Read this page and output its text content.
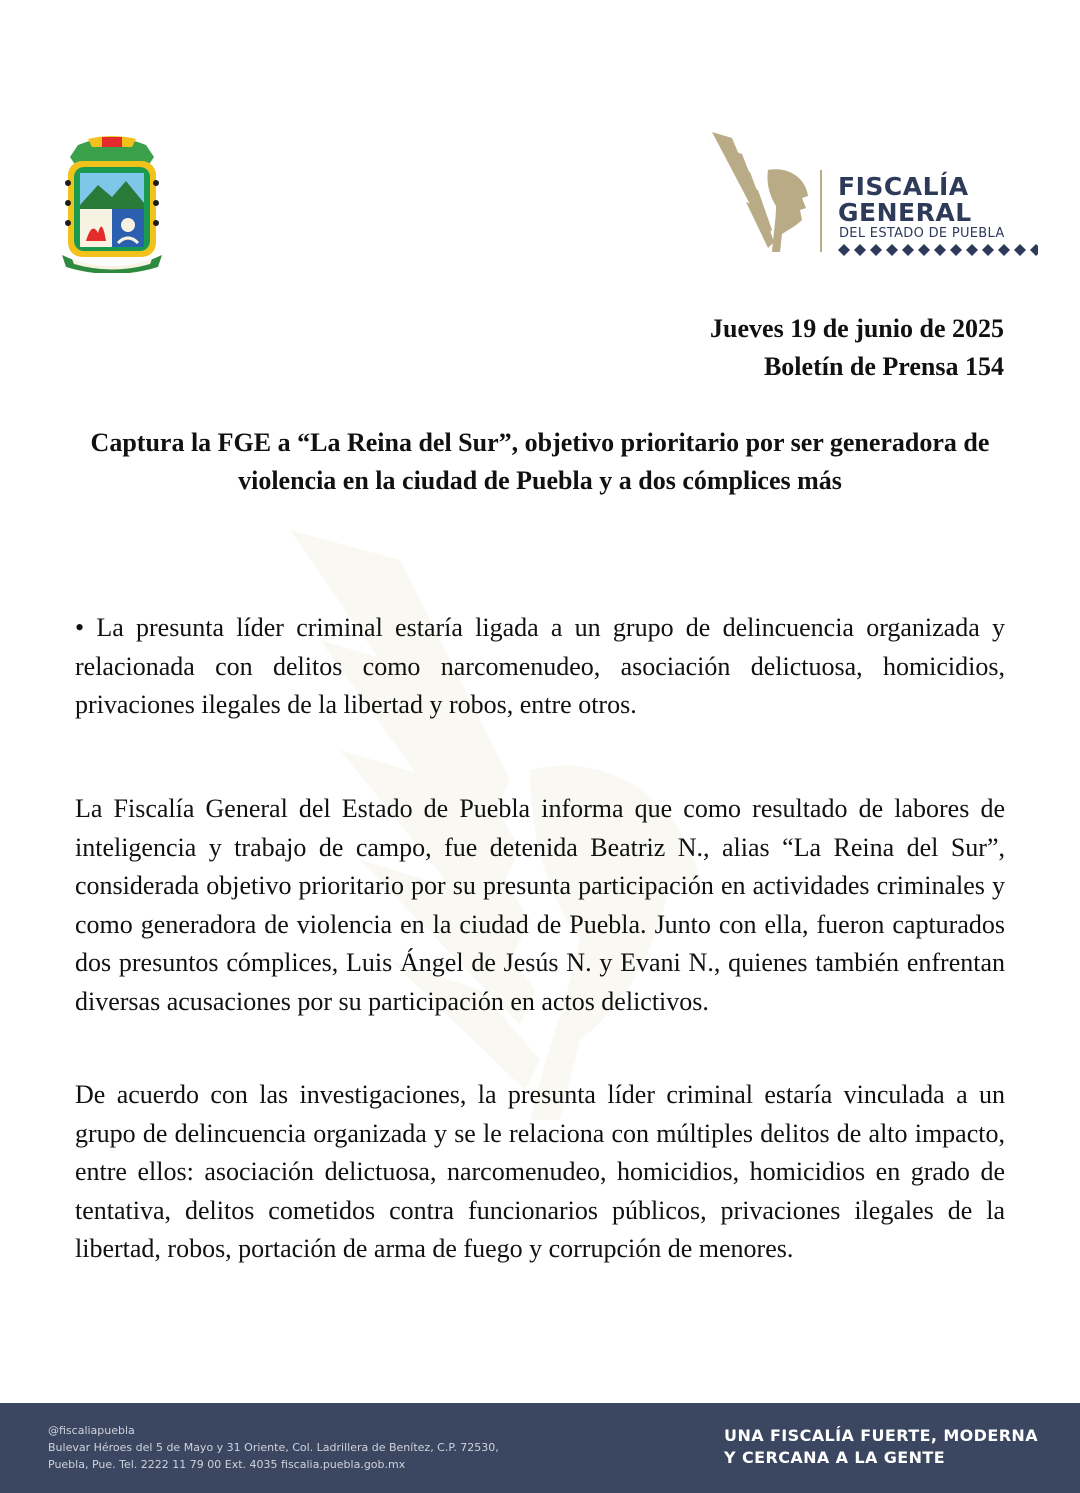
FISCALÍA
GENERAL
DEL ESTADO DE PUEBLA
Jueves 19 de junio de 2025
Boletín de Prensa 154
Captura la FGE a “La Reina del Sur”, objetivo prioritario por ser generadora de violencia en la ciudad de Puebla y a dos cómplices más

• La presunta líder criminal estaría ligada a un grupo de delincuencia organizada y relacionada con delitos como narcomenudeo, asociación delictuosa, homicidios, privaciones ilegales de la libertad y robos, entre otros.

La Fiscalía General del Estado de Puebla informa que como resultado de labores de inteligencia y trabajo de campo, fue detenida Beatriz N., alias “La Reina del Sur”, considerada objetivo prioritario por su presunta participación en actividades criminales y como generadora de violencia en la ciudad de Puebla. Junto con ella, fueron capturados dos presuntos cómplices, Luis Ángel de Jesús N. y Evani N., quienes también enfrentan diversas acusaciones por su participación en actos delictivos.

De acuerdo con las investigaciones, la presunta líder criminal estaría vinculada a un grupo de delincuencia organizada y se le relaciona con múltiples delitos de alto impacto, entre ellos: asociación delictuosa, narcomenudeo, homicidios, homicidios en grado de tentativa, delitos cometidos contra funcionarios públicos, privaciones ilegales de la libertad, robos, portación de arma de fuego y corrupción de menores.

@fiscaliapuebla
Bulevar Héroes del 5 de Mayo y 31 Oriente, Col. Ladrillera de Benítez, C.P. 72530,
Puebla, Pue. Tel. 2222 11 79 00 Ext. 4035 fiscalia.puebla.gob.mx
UNA FISCALÍA FUERTE, MODERNA
Y CERCANA A LA GENTE
